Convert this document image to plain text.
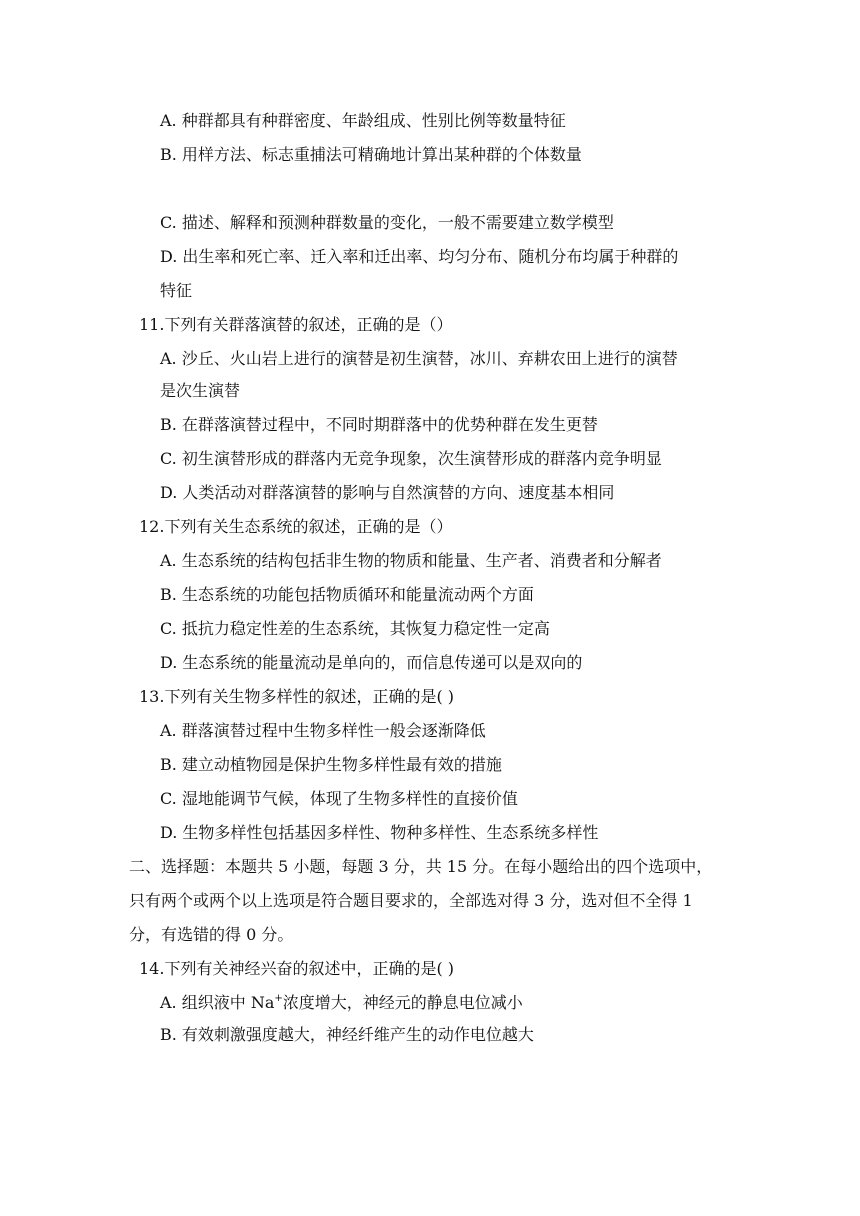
A. 种群都具有种群密度、年龄组成、性别比例等数量特征
B. 用样方法、标志重捕法可精确地计算出某种群的个体数量
C. 描述、解释和预测种群数量的变化，一般不需要建立数学模型
D. 出生率和死亡率、迁入率和迁出率、均匀分布、随机分布均属于种群的
特征
11.下列有关群落演替的叙述，正确的是（）
A. 沙丘、火山岩上进行的演替是初生演替，冰川、弃耕农田上进行的演替
是次生演替
B. 在群落演替过程中，不同时期群落中的优势种群在发生更替
C. 初生演替形成的群落内无竞争现象，次生演替形成的群落内竞争明显
D. 人类活动对群落演替的影响与自然演替的方向、速度基本相同
12.下列有关生态系统的叙述，正确的是（）
A. 生态系统的结构包括非生物的物质和能量、生产者、消费者和分解者
B. 生态系统的功能包括物质循环和能量流动两个方面
C. 抵抗力稳定性差的生态系统，其恢复力稳定性一定高
D. 生态系统的能量流动是单向的，而信息传递可以是双向的
13.下列有关生物多样性的叙述，正确的是( )
A. 群落演替过程中生物多样性一般会逐渐降低
B. 建立动植物园是保护生物多样性最有效的措施
C. 湿地能调节气候，体现了生物多样性的直接价值
D. 生物多样性包括基因多样性、物种多样性、生态系统多样性
二、选择题：本题共 5 小题，每题 3 分，共 15 分。在每小题给出的四个选项中，
只有两个或两个以上选项是符合题目要求的，全部选对得 3 分，选对但不全得 1
分，有选错的得 0 分。
14.下列有关神经兴奋的叙述中，正确的是( )
A. 组织液中 Na+浓度增大，神经元的静息电位减小
B. 有效刺激强度越大，神经纤维产生的动作电位越大
